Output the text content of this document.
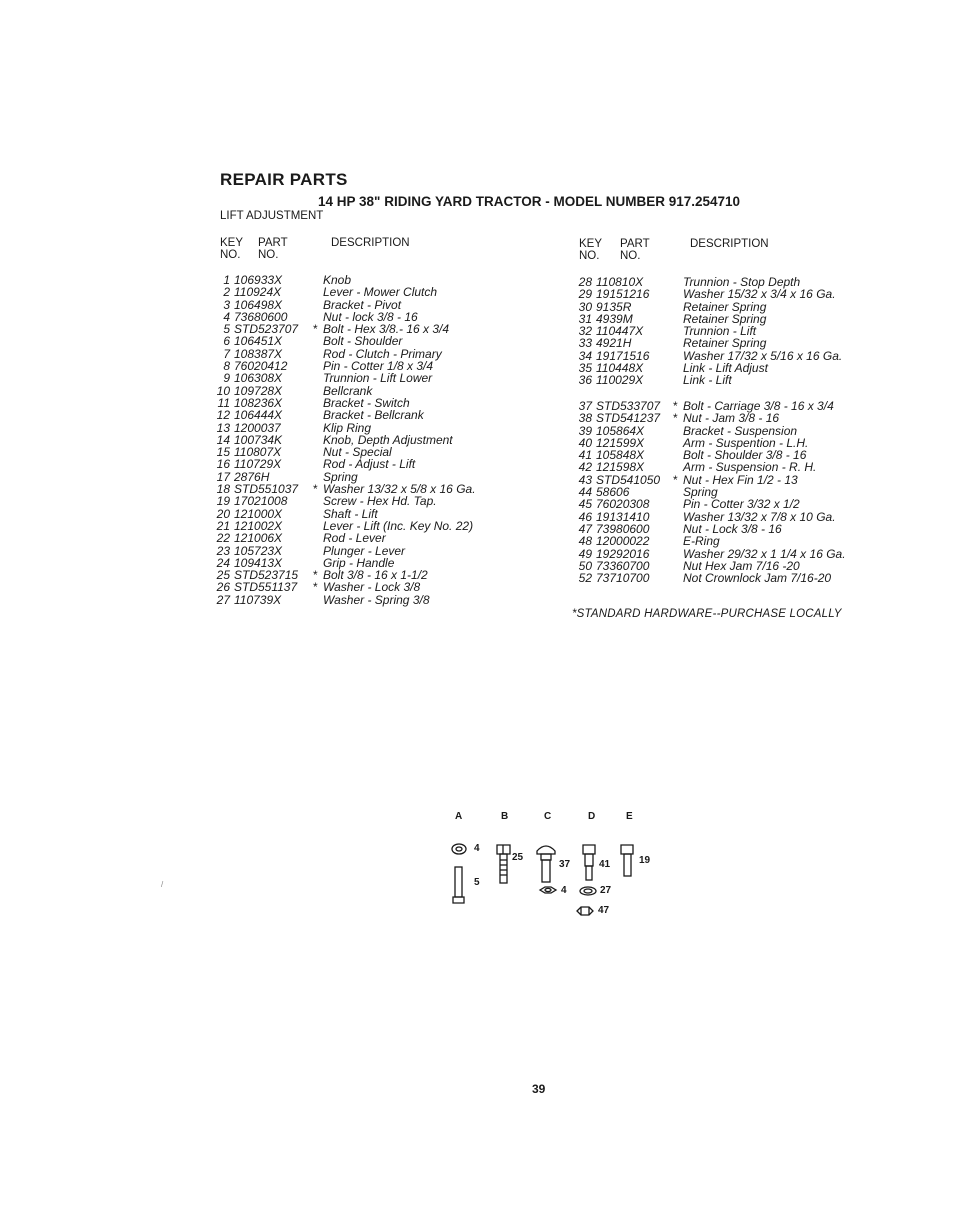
REPAIR PARTS
14 HP 38" RIDING YARD TRACTOR - MODEL NUMBER 917.254710
LIFT ADJUSTMENT
KEY PART	DESCRIPTION
NO. NO.
KEY PART	DESCRIPTION
NO. NO.
1 106933X	Knob
2 110924X	Lever - Mower Clutch
3 106498X	Bracket - Pivot
4 73680600	Nut - lock 3/8 - 16
5 STD523707 * Bolt - Hex 3/8.- 16 x 3/4
6 106451X	Bolt - Shoulder
7 108387X	Rod - Clutch - Primary
8 76020412	Pin - Cotter 1/8 x 3/4
9 106308X	Trunnion - Lift Lower
10 109728X	Bellcrank
11 108236X	Bracket - Switch
12 106444X	Bracket - Bellcrank
13 1200037	Klip Ring
14 100734K	Knob, Depth Adjustment
15 110807X	Nut - Special
16 110729X	Rod - Adjust - Lift
17 2876H	Spring
18 STD551037 * Washer 13/32 x 5/8 x 16 Ga.
19 17021008	Screw - Hex Hd. Tap.
20 121000X	Shaft - Lift
21 121002X	Lever - Lift (Inc. Key No. 22)
22 121006X	Rod - Lever
23 105723X	Plunger - Lever
24 109413X	Grip - Handle
25 STD523715 * Bolt 3/8 - 16 x 1-1/2
26 STD551137 * Washer - Lock 3/8
27 110739X	Washer - Spring 3/8
28 110810X	Trunnion - Stop Depth
29 19151216	Washer 15/32 x 3/4 x 16 Ga.
30 9135R	Retainer Spring
31 4939M	Retainer Spring
32 110447X	Trunnion - Lift
33 4921H	Retainer Spring
34 19171516	Washer 17/32 x 5/16 x 16 Ga.
35 110448X	Link - Lift Adjust
36 110029X	Link - Lift
37 STD533707 * Bolt - Carriage 3/8 - 16 x 3/4
38 STD541237 * Nut - Jam 3/8 - 16
39 105864X	Bracket - Suspension
40 121599X	Arm - Suspention - L.H.
41 105848X	Bolt - Shoulder 3/8 - 16
42 121598X	Arm - Suspension - R. H.
43 STD541050 * Nut - Hex Fin 1/2 - 13
44 58606	Spring
45 76020308	Pin - Cotter 3/32 x 1/2
46 19131410	Washer 13/32 x 7/8 x 10 Ga.
47 73980600	Nut - Lock 3/8 - 16
48 12000022	E-Ring
49 19292016	Washer 29/32 x 1 1/4 x 16 Ga.
50 73360700	Nut Hex Jam 7/16 -20
52 73710700	Not Crownlock Jam 7/16-20
*STANDARD HARDWARE--PURCHASE LOCALLY
A	B	C	D	E
4
5
25
37
4
41
27
47
19
/
39
